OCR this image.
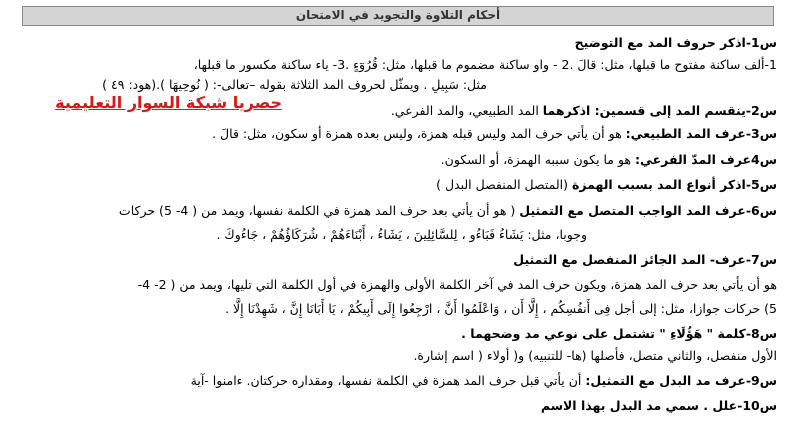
أحكام التلاوة والتجويد في الامتحان
س1-اذكر حروف المد مع التوضيح
1-ألف ساكنة مفتوح ما قبلها، مثل: قالَ .2 - واو ساكنة مضموم ما قبلها، مثل: قُرُوٓءٍ .3- ياء ساكنة مكسور ما قبلها،
مثل: سَبِيلِ . ويمثّل لحروف المد الثلاثة بقوله –تعالى-: ( نُوحِيهَا ).(هود: ٤٩ )
حصريا شبكة السوار التعليمية	س2-ينقسم المد إلى قسمين: اذكرهما المد الطبيعي، والمد الفرعي.
س3-عرف المد الطبيعي: هو أن يأتي حرف المد وليس قبله همزة، وليس بعده همزة أو سكون، مثل: قالَ .
س4عرف المدّ الفرعي: هو ما يكون سببه الهمزة، أو السكون.
س5-اذكر أنواع المد بسبب الهمزة (المتصل المنفصل البدل )
س6-عرف المد الواجب المتصل مع التمثيل ( هو أن يأتي بعد حرف المد همزة في الكلمة نفسها، ويمد من ( 4- 5) حركات
وجوبا، مثل: يَشَاءُ فَبَاءُو ، لِلسَّائِلِينَ ، يَشَاءُ ، أَبْنَاءَهُمْ ، شُرَكَاؤُهُمْ ، جَاءُوكَ .
س7-عرف- المد الجائز المنفصل مع التمثيل
هو أن يأتي بعد حرف المد همزة، ويكون حرف المد في آخر الكلمة الأولى والهمزة في أول الكلمة التي تليها، ويمد من ( 2- 4-
5) حركات جوازا، مثل: إلى أجل فِى أَنفُسِكُم ، إِلَّا أَن ، وَاعْلَمُوا أَنَّ ، ارْجِعُوا إِلَى أَبِيكُمْ ، يَا أَبَانَا إِنَّ ، شَهِدْنَا إِلَّا .
س8-كلمة " هَؤُلَاءِ " تشتمل على نوعي مد وضحهما .
الأول منفصل، والثاني متصل، فأصلها (ها- للتنبيه) و( أولاء ( اسم إشارة.
س9-عرف مد البدل مع التمثيل: أن يأتي قبل حرف المد همزة في الكلمة نفسها، ومقداره حركتان. ءامنوا -آية
س10-علل . سمي مد البدل بهذا الاسم
